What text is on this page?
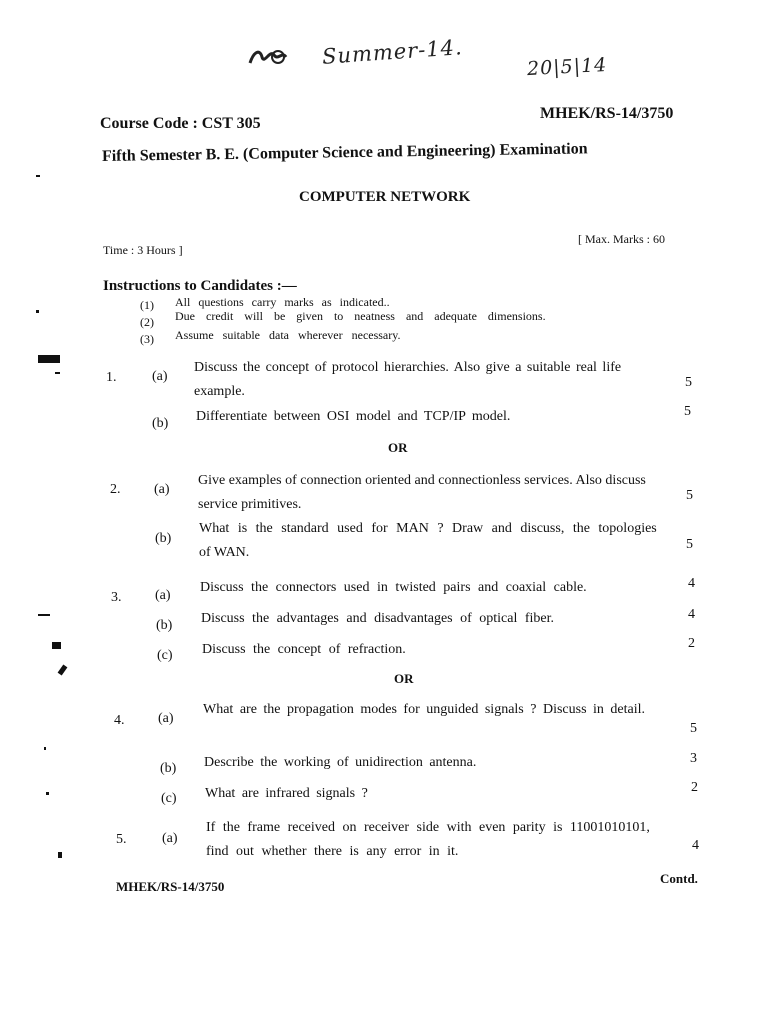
Summer-14.	20|5|14
Course Code : CST 305
MHEK/RS-14/3750
Fifth Semester B. E. (Computer Science and Engineering) Examination
COMPUTER NETWORK
Time : 3 Hours ]
[ Max. Marks : 60
Instructions to Candidates :—
(1) All questions carry marks as indicated..
(2) Due credit will be given to neatness and adequate dimensions.
(3) Assume suitable data wherever necessary.
1.	(a)
Discuss the concept of protocol hierarchies. Also give a suitable real life
example.
5
(b) Differentiate between OSI model and TCP/IP model.	5
OR
2. (a)
Give examples of connection oriented and connectionless services. Also discuss
service primitives.
5
(b)
What is the standard used for MAN ? Draw and discuss, the topologies
of WAN.
5
3. (a)
Discuss the connectors used in twisted pairs and coaxial cable.	4
(b) Discuss the advantages and disadvantages of optical fiber.	4
(c) Discuss the concept of refraction.	2
OR
4. (a)
What are the propagation modes for unguided signals ? Discuss in detail.
5
(b) Describe the working of unidirection antenna.	3
(c) What are infrared signals ?	2
5.	(a)
If the frame received on receiver side with even parity is 11001010101,
find out whether there is any error in it.	4
MHEK/RS-14/3750
Contd.
